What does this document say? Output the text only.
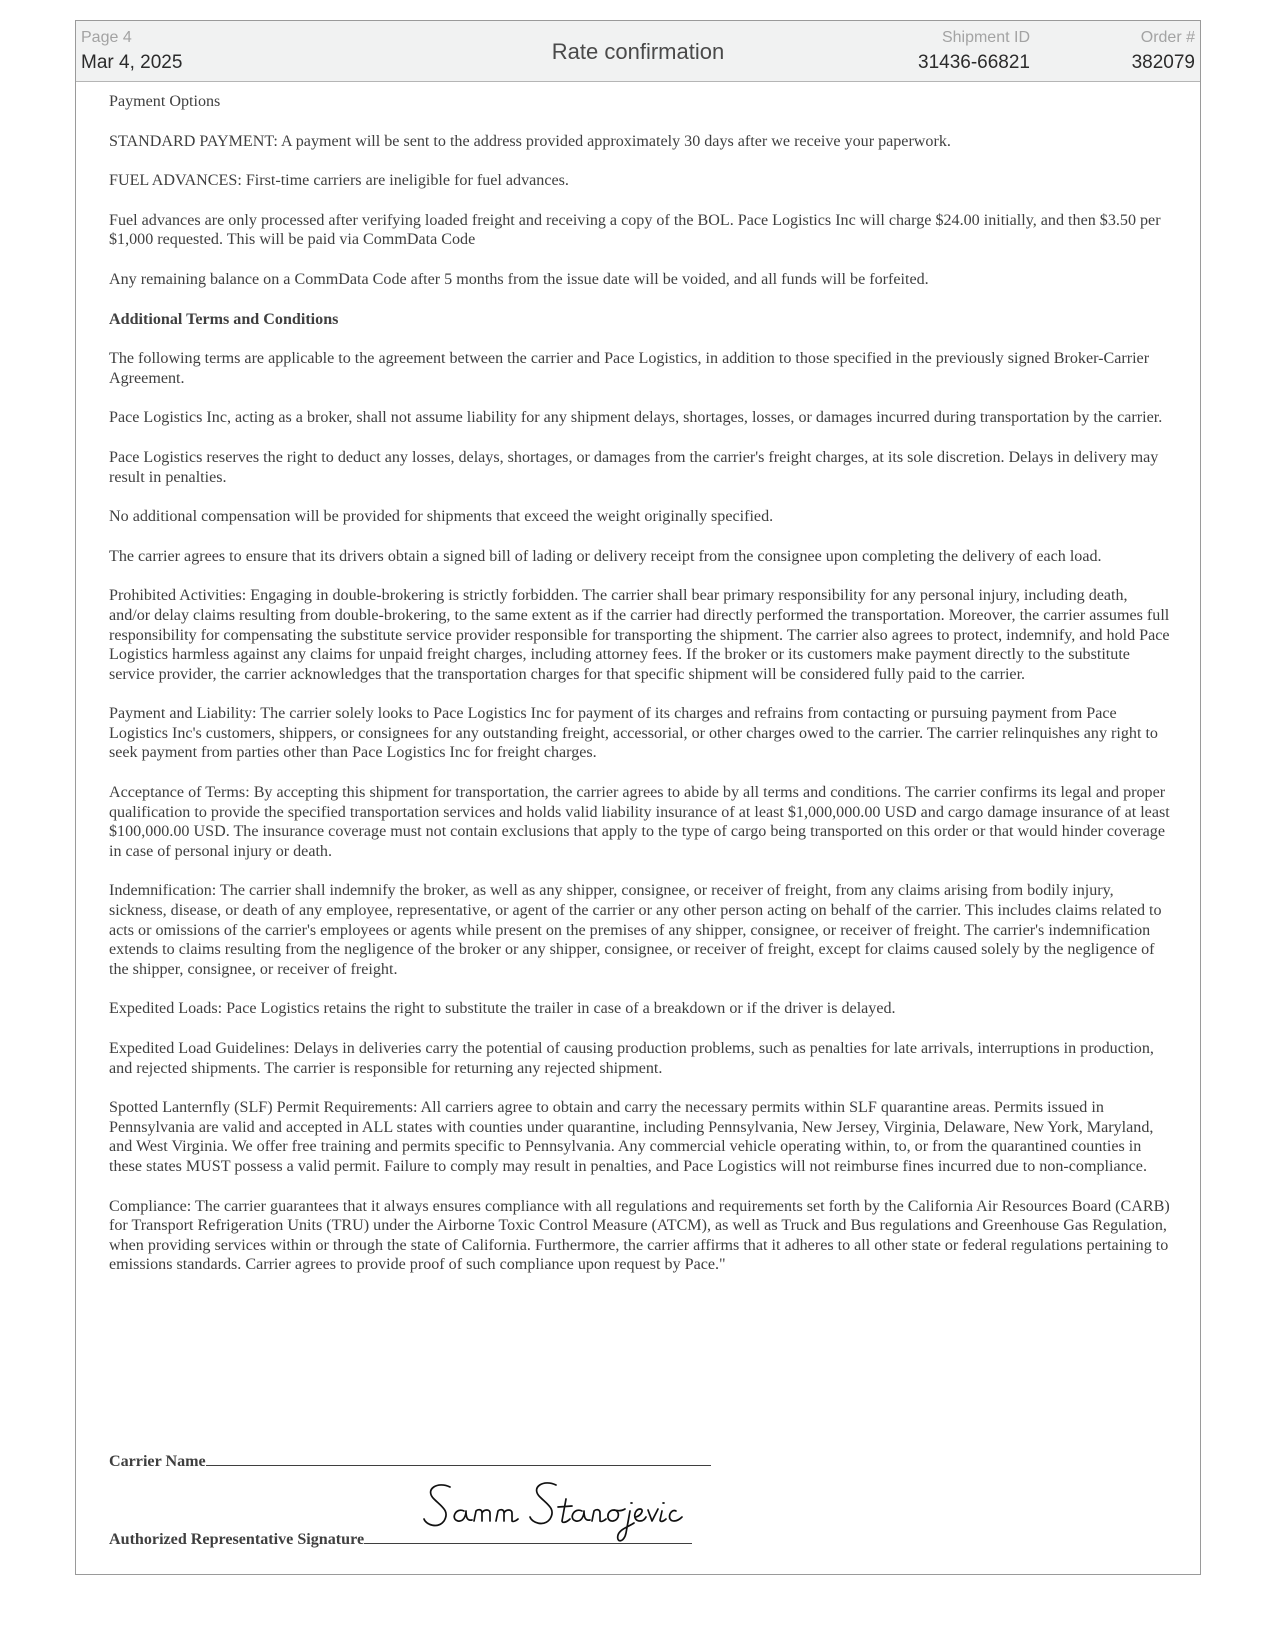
Page 4
Mar 4, 2025	Rate confirmation
Shipment ID
31436-66821
Order #
382079

Payment Options

STANDARD PAYMENT: A payment will be sent to the address provided approximately 30 days after we receive your paperwork.

FUEL ADVANCES: First-time carriers are ineligible for fuel advances.

Fuel advances are only processed after verifying loaded freight and receiving a copy of the BOL. Pace Logistics Inc will charge $24.00 initially, and then $3.50 per $1,000 requested. This will be paid via CommData Code

Any remaining balance on a CommData Code after 5 months from the issue date will be voided, and all funds will be forfeited.

Additional Terms and Conditions

The following terms are applicable to the agreement between the carrier and Pace Logistics, in addition to those specified in the previously signed Broker-Carrier Agreement.

Pace Logistics Inc, acting as a broker, shall not assume liability for any shipment delays, shortages, losses, or damages incurred during transportation by the carrier.

Pace Logistics reserves the right to deduct any losses, delays, shortages, or damages from the carrier's freight charges, at its sole discretion. Delays in delivery may result in penalties.

No additional compensation will be provided for shipments that exceed the weight originally specified.

The carrier agrees to ensure that its drivers obtain a signed bill of lading or delivery receipt from the consignee upon completing the delivery of each load.

Prohibited Activities: Engaging in double-brokering is strictly forbidden. The carrier shall bear primary responsibility for any personal injury, including death, and/or delay claims resulting from double-brokering, to the same extent as if the carrier had directly performed the transportation. Moreover, the carrier assumes full responsibility for compensating the substitute service provider responsible for transporting the shipment. The carrier also agrees to protect, indemnify, and hold Pace Logistics harmless against any claims for unpaid freight charges, including attorney fees. If the broker or its customers make payment directly to the substitute service provider, the carrier acknowledges that the transportation charges for that specific shipment will be considered fully paid to the carrier.

Payment and Liability: The carrier solely looks to Pace Logistics Inc for payment of its charges and refrains from contacting or pursuing payment from Pace Logistics Inc's customers, shippers, or consignees for any outstanding freight, accessorial, or other charges owed to the carrier. The carrier relinquishes any right to seek payment from parties other than Pace Logistics Inc for freight charges.

Acceptance of Terms: By accepting this shipment for transportation, the carrier agrees to abide by all terms and conditions. The carrier confirms its legal and proper qualification to provide the specified transportation services and holds valid liability insurance of at least $1,000,000.00 USD and cargo damage insurance of at least $100,000.00 USD. The insurance coverage must not contain exclusions that apply to the type of cargo being transported on this order or that would hinder coverage in case of personal injury or death.

Indemnification: The carrier shall indemnify the broker, as well as any shipper, consignee, or receiver of freight, from any claims arising from bodily injury, sickness, disease, or death of any employee, representative, or agent of the carrier or any other person acting on behalf of the carrier. This includes claims related to acts or omissions of the carrier's employees or agents while present on the premises of any shipper, consignee, or receiver of freight. The carrier's indemnification extends to claims resulting from the negligence of the broker or any shipper, consignee, or receiver of freight, except for claims caused solely by the negligence of the shipper, consignee, or receiver of freight.

Expedited Loads: Pace Logistics retains the right to substitute the trailer in case of a breakdown or if the driver is delayed.

Expedited Load Guidelines: Delays in deliveries carry the potential of causing production problems, such as penalties for late arrivals, interruptions in production, and rejected shipments. The carrier is responsible for returning any rejected shipment.

Spotted Lanternfly (SLF) Permit Requirements: All carriers agree to obtain and carry the necessary permits within SLF quarantine areas. Permits issued in Pennsylvania are valid and accepted in ALL states with counties under quarantine, including Pennsylvania, New Jersey, Virginia, Delaware, New York, Maryland, and West Virginia. We offer free training and permits specific to Pennsylvania. Any commercial vehicle operating within, to, or from the quarantined counties in these states MUST possess a valid permit. Failure to comply may result in penalties, and Pace Logistics will not reimburse fines incurred due to non-compliance.

Compliance: The carrier guarantees that it always ensures compliance with all regulations and requirements set forth by the California Air Resources Board (CARB) for Transport Refrigeration Units (TRU) under the Airborne Toxic Control Measure (ATCM), as well as Truck and Bus regulations and Greenhouse Gas Regulation, when providing services within or through the state of California. Furthermore, the carrier affirms that it adheres to all other state or federal regulations pertaining to emissions standards. Carrier agrees to provide proof of such compliance upon request by Pace."

Carrier Name
Authorized Representative Signature
